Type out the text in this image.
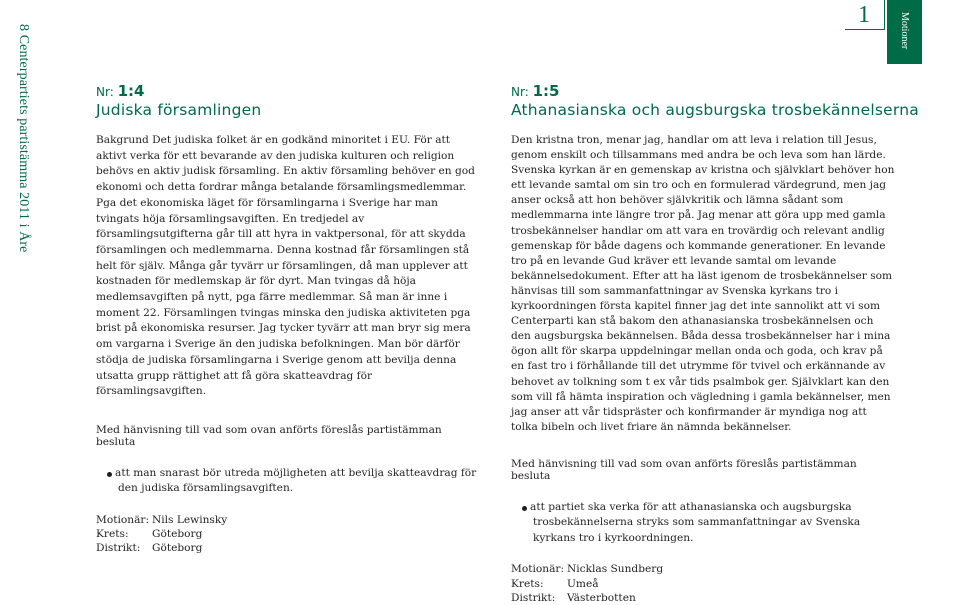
8 Centerpartiets partistämma 2011 i Åre
1	Motioner
Nr: 1:4
Judiska församlingen
Bakgrund Det judiska folket är en godkänd minoritet i EU. För att aktivt verka för ett bevarande av den judiska kulturen och religion behövs en aktiv judisk församling. En aktiv församling behöver en god ekonomi och detta fordrar många betalande församlingsmedlemmar. Pga det ekonomiska läget för församlingarna i Sverige har man tvingats höja församlingsavgiften. En tredjedel av församlingsutgifterna går till att hyra in vaktpersonal, för att skydda församlingen och medlemmarna. Denna kostnad får församlingen stå helt för själv. Många går tyvärr ur församlingen, då man upplever att kostnaden för medlemskap är för dyrt. Man tvingas då höja medlemsavgiften på nytt, pga färre medlemmar. Så man är inne i moment 22. Församlingen tvingas minska den judiska aktiviteten pga brist på ekonomiska resurser. Jag tycker tyvärr att man bryr sig mera om vargarna i Sverige än den judiska befolkningen. Man bör därför stödja de judiska församlingarna i Sverige genom att bevilja denna utsatta grupp rättighet att få göra skatteavdrag för församlingsavgiften.
Med hänvisning till vad som ovan anförts föreslås partistämman besluta
att man snarast bör utreda möjligheten att bevilja skatteavdrag för den judiska församlingsavgiften.
Motionär: Nils Lewinsky
Krets:	Göteborg
Distrikt:	Göteborg
Nr: 1:5
Athanasianska och augsburgska trosbekännelserna
Den kristna tron, menar jag, handlar om att leva i relation till Jesus, genom enskilt och tillsammans med andra be och leva som han lärde. Svenska kyrkan är en gemenskap av kristna och självklart behöver hon ett levande samtal om sin tro och en formulerad värdegrund, men jag anser också att hon behöver självkritik och lämna sådant som medlemmarna inte längre tror på. Jag menar att göra upp med gamla trosbekännelser handlar om att vara en trovärdig och relevant andlig gemenskap för både dagens och kommande generationer. En levande tro på en levande Gud kräver ett levande samtal om levande bekännelsedokument. Efter att ha läst igenom de trosbekännelser som hänvisas till som sammanfattningar av Svenska kyrkans tro i kyrkoordningen första kapitel finner jag det inte sannolikt att vi som Centerparti kan stå bakom den athanasianska trosbekännelsen och den augsburgska bekännelsen. Båda dessa trosbekännelser har i mina ögon allt för skarpa uppdelningar mellan onda och goda, och krav på en fast tro i förhållande till det utrymme för tvivel och erkännande av behovet av tolkning som t ex vår tids psalmbok ger. Självklart kan den som vill få hämta inspiration och vägledning i gamla bekännelser, men jag anser att vår tidspräster och konfirmander är myndiga nog att tolka bibeln och livet friare än nämnda bekännelser.
Med hänvisning till vad som ovan anförts föreslås partistämman besluta
att partiet ska verka för att athanasianska och augsburgska trosbekännelserna stryks som sammanfattningar av Svenska kyrkans tro i kyrkoordningen.
Motionär: Nicklas Sundberg
Krets:	Umeå
Distrikt:	Västerbotten
